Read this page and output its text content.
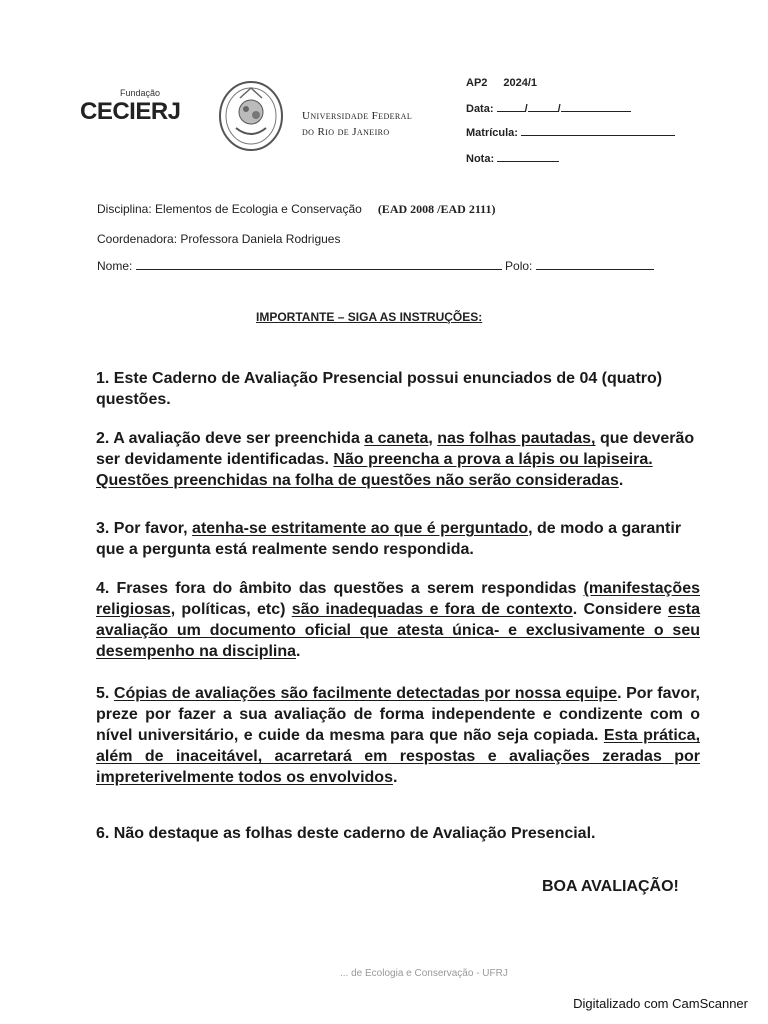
Fundação
CECIERJ	Universidade Federal
do Rio de Janeiro
AP2 2024/1
Data:	/	/
Matrícula:
Nota:
Disciplina: Elementos de Ecologia e Conservação (EAD 2008 /EAD 2111)
Coordenadora: Professora Daniela Rodrigues
Nome:	Polo:
IMPORTANTE – SIGA AS INSTRUÇÕES:

1. Este Caderno de Avaliação Presencial possui enunciados de 04 (quatro) questões.

2. A avaliação deve ser preenchida a caneta, nas folhas pautadas, que deverão ser devidamente identificadas. Não preencha a prova a lápis ou lapiseira. Questões preenchidas na folha de questões não serão consideradas.

3. Por favor, atenha-se estritamente ao que é perguntado, de modo a garantir que a pergunta está realmente sendo respondida.

4. Frases fora do âmbito das questões a serem respondidas (manifestações religiosas, políticas, etc) são inadequadas e fora de contexto. Considere esta avaliação um documento oficial que atesta única- e exclusivamente o seu desempenho na disciplina.

5. Cópias de avaliações são facilmente detectadas por nossa equipe. Por favor, preze por fazer a sua avaliação de forma independente e condizente com o nível universitário, e cuide da mesma para que não seja copiada. Esta prática, além de inaceitável, acarretará em respostas e avaliações zeradas por impreterivelmente todos os envolvidos.

6. Não destaque as folhas deste caderno de Avaliação Presencial.

BOA AVALIAÇÃO!
... de Ecologia e Conservação - UFRJ
Digitalizado com CamScanner
